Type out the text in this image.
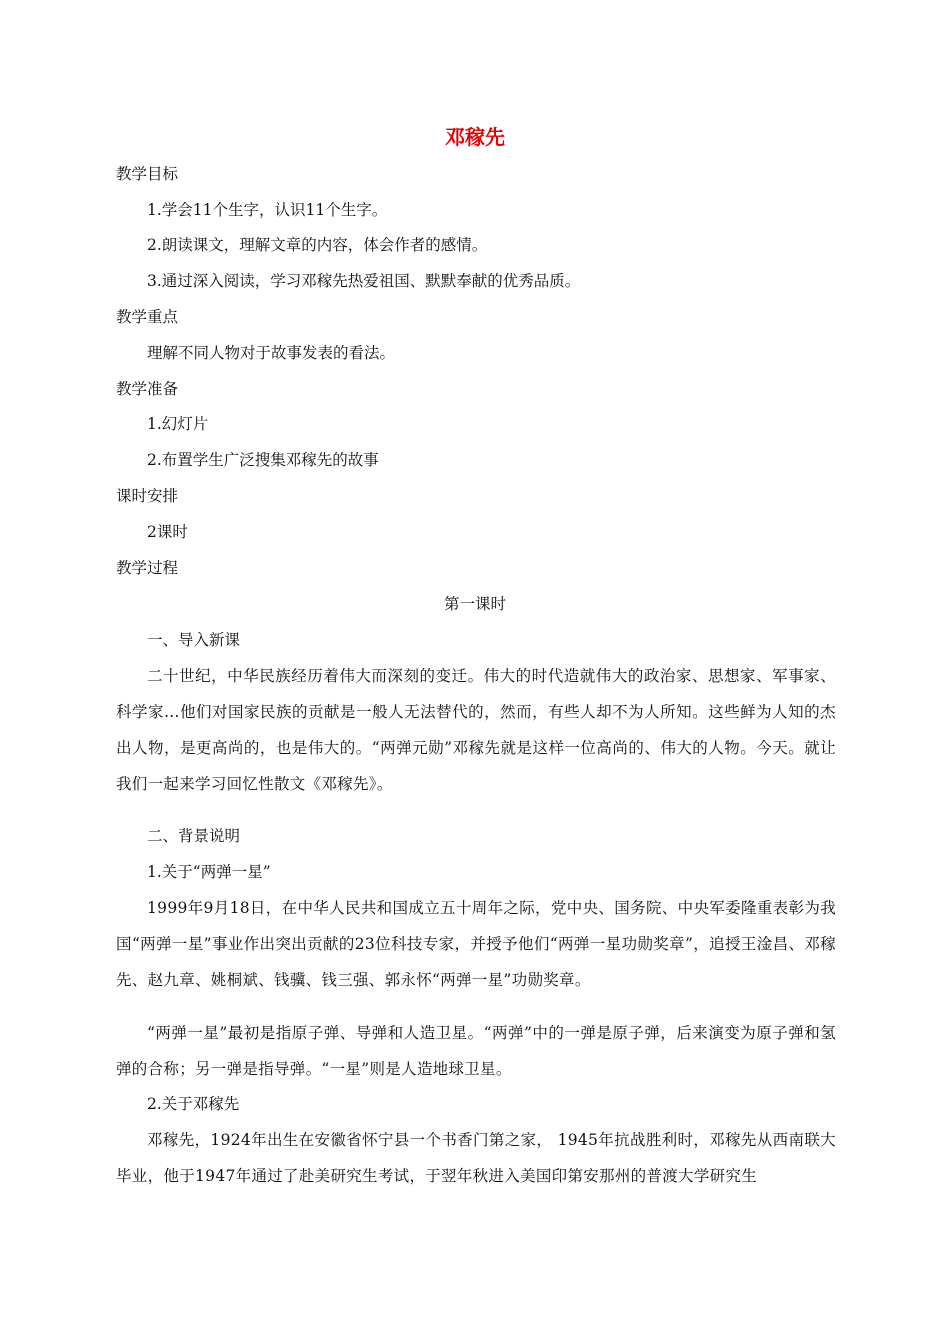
邓稼先
教学目标
1.学会11个生字，认识11个生字。
2.朗读课文，理解文章的内容，体会作者的感情。
3.通过深入阅读，学习邓稼先热爱祖国、默默奉献的优秀品质。
教学重点
理解不同人物对于故事发表的看法。
教学准备
1.幻灯片
2.布置学生广泛搜集邓稼先的故事
课时安排
2课时
教学过程
第一课时
一、导入新课
二十世纪，中华民族经历着伟大而深刻的变迁。伟大的时代造就伟大的政治家、思想家、军事家、科学家…他们对国家民族的贡献是一般人无法替代的，然而，有些人却不为人所知。这些鲜为人知的杰出人物，是更高尚的，也是伟大的。“两弹元勋”邓稼先就是这样一位高尚的、伟大的人物。今天。就让我们一起来学习回忆性散文《邓稼先》。
二、背景说明
1.关于“两弹一星”
1999年9月18日，在中华人民共和国成立五十周年之际，党中央、国务院、中央军委隆重表彰为我国“两弹一星”事业作出突出贡献的23位科技专家，并授予他们“两弹一星功勋奖章”，追授王淦昌、邓稼先、赵九章、姚桐斌、钱骥、钱三强、郭永怀“两弹一星”功勋奖章。
“两弹一星”最初是指原子弹、导弹和人造卫星。“两弹”中的一弹是原子弹，后来演变为原子弹和氢弹的合称；另一弹是指导弹。“一星”则是人造地球卫星。
2.关于邓稼先
邓稼先，1924年出生在安徽省怀宁县一个书香门第之家， 1945年抗战胜利时，邓稼先从西南联大毕业，他于1947年通过了赴美研究生考试，于翌年秋进入美国印第安那州的普渡大学研究生
